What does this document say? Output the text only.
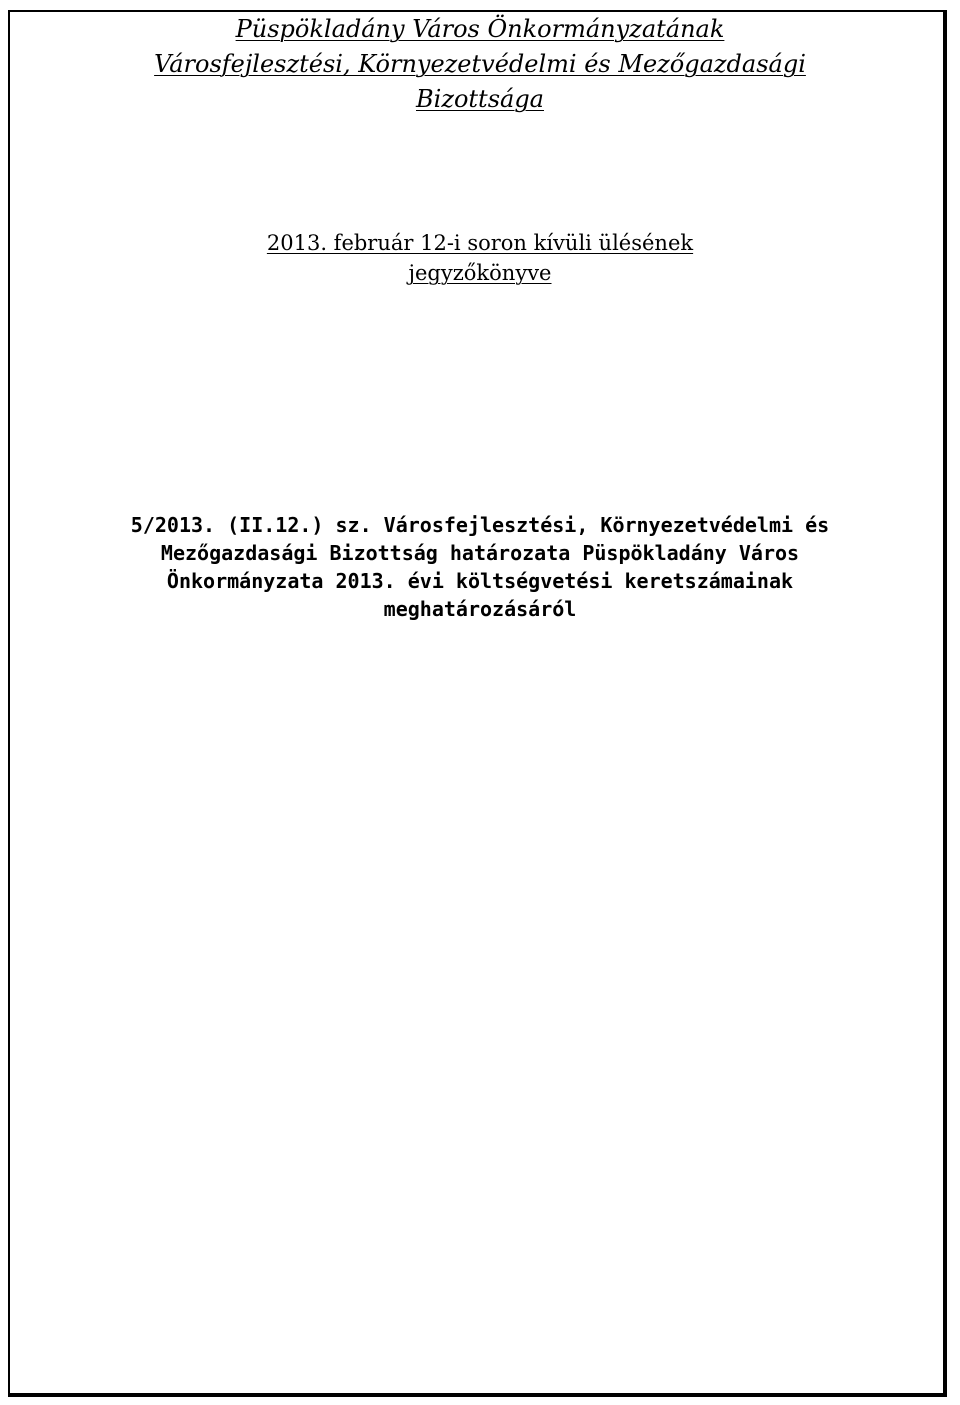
Püspökladány Város Önkormányzatának
Városfejlesztési, Környezetvédelmi és Mezőgazdasági
Bizottsága
2013. február 12-i soron kívüli ülésének
jegyzőkönyve
5/2013. (II.12.) sz. Városfejlesztési, Környezetvédelmi és
Mezőgazdasági Bizottság határozata Püspökladány Város
Önkormányzata 2013. évi költségvetési keretszámainak
meghatározásáról
